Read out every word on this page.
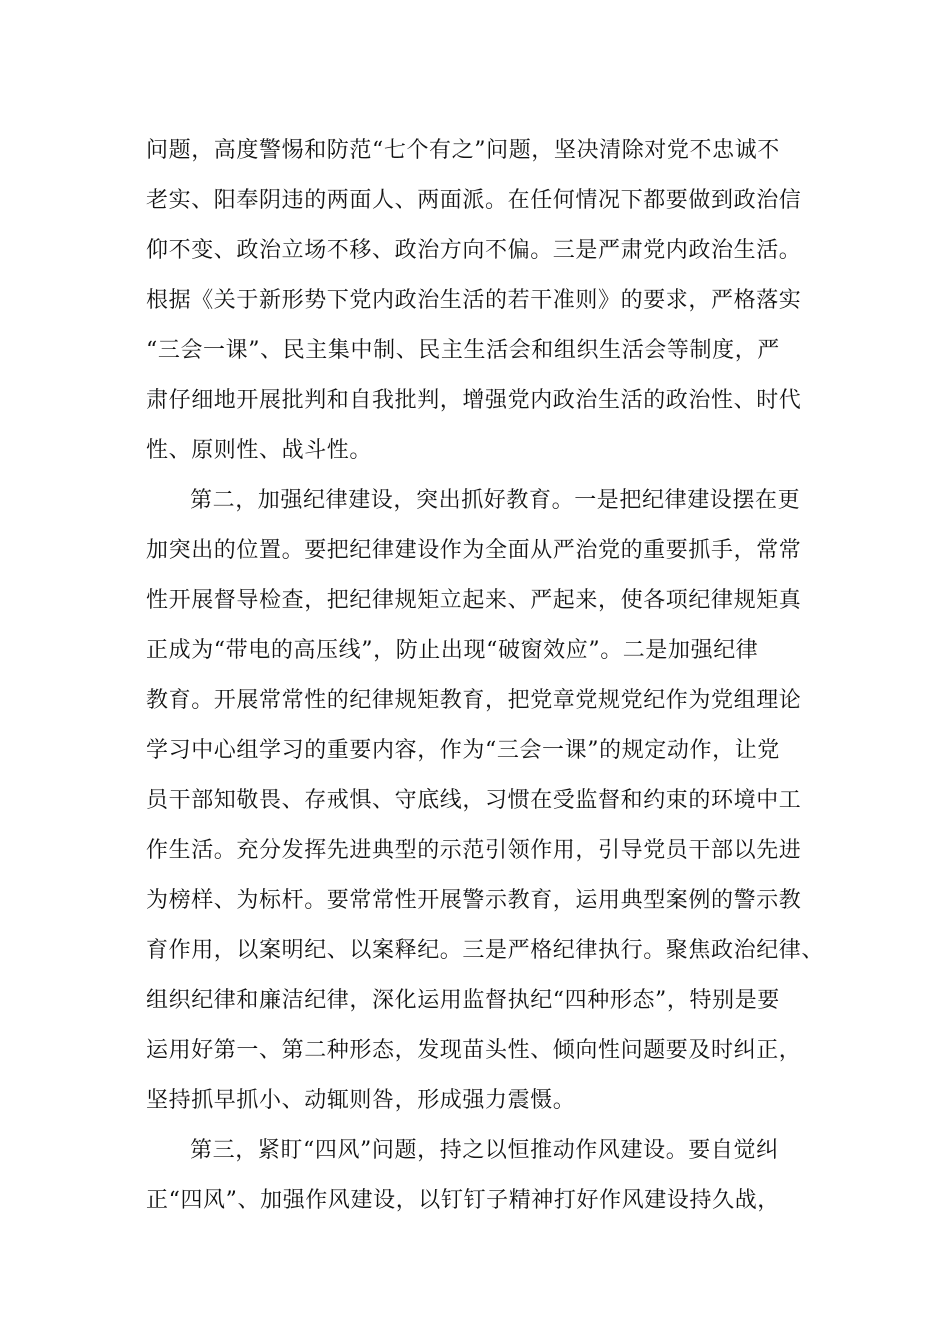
问题，高度警惕和防范“七个有之”问题，坚决清除对党不忠诚不
老实、阳奉阴违的两面人、两面派。在任何情况下都要做到政治信
仰不变、政治立场不移、政治方向不偏。三是严肃党内政治生活。
根据《关于新形势下党内政治生活的若干准则》的要求，严格落实
“三会一课”、民主集中制、民主生活会和组织生活会等制度，严
肃仔细地开展批判和自我批判，增强党内政治生活的政治性、时代
性、原则性、战斗性。
第二，加强纪律建设，突出抓好教育。一是把纪律建设摆在更
加突出的位置。要把纪律建设作为全面从严治党的重要抓手，常常
性开展督导检查，把纪律规矩立起来、严起来，使各项纪律规矩真
正成为“带电的高压线”，防止出现“破窗效应”。二是加强纪律
教育。开展常常性的纪律规矩教育，把党章党规党纪作为党组理论
学习中心组学习的重要内容，作为“三会一课”的规定动作，让党
员干部知敬畏、存戒惧、守底线，习惯在受监督和约束的环境中工
作生活。充分发挥先进典型的示范引领作用，引导党员干部以先进
为榜样、为标杆。要常常性开展警示教育，运用典型案例的警示教
育作用，以案明纪、以案释纪。三是严格纪律执行。聚焦政治纪律、
组织纪律和廉洁纪律，深化运用监督执纪“四种形态”，特别是要
运用好第一、第二种形态，发现苗头性、倾向性问题要及时纠正，
坚持抓早抓小、动辄则咎，形成强力震慑。
第三，紧盯“四风”问题，持之以恒推动作风建设。要自觉纠
正“四风”、加强作风建设，以钉钉子精神打好作风建设持久战，
